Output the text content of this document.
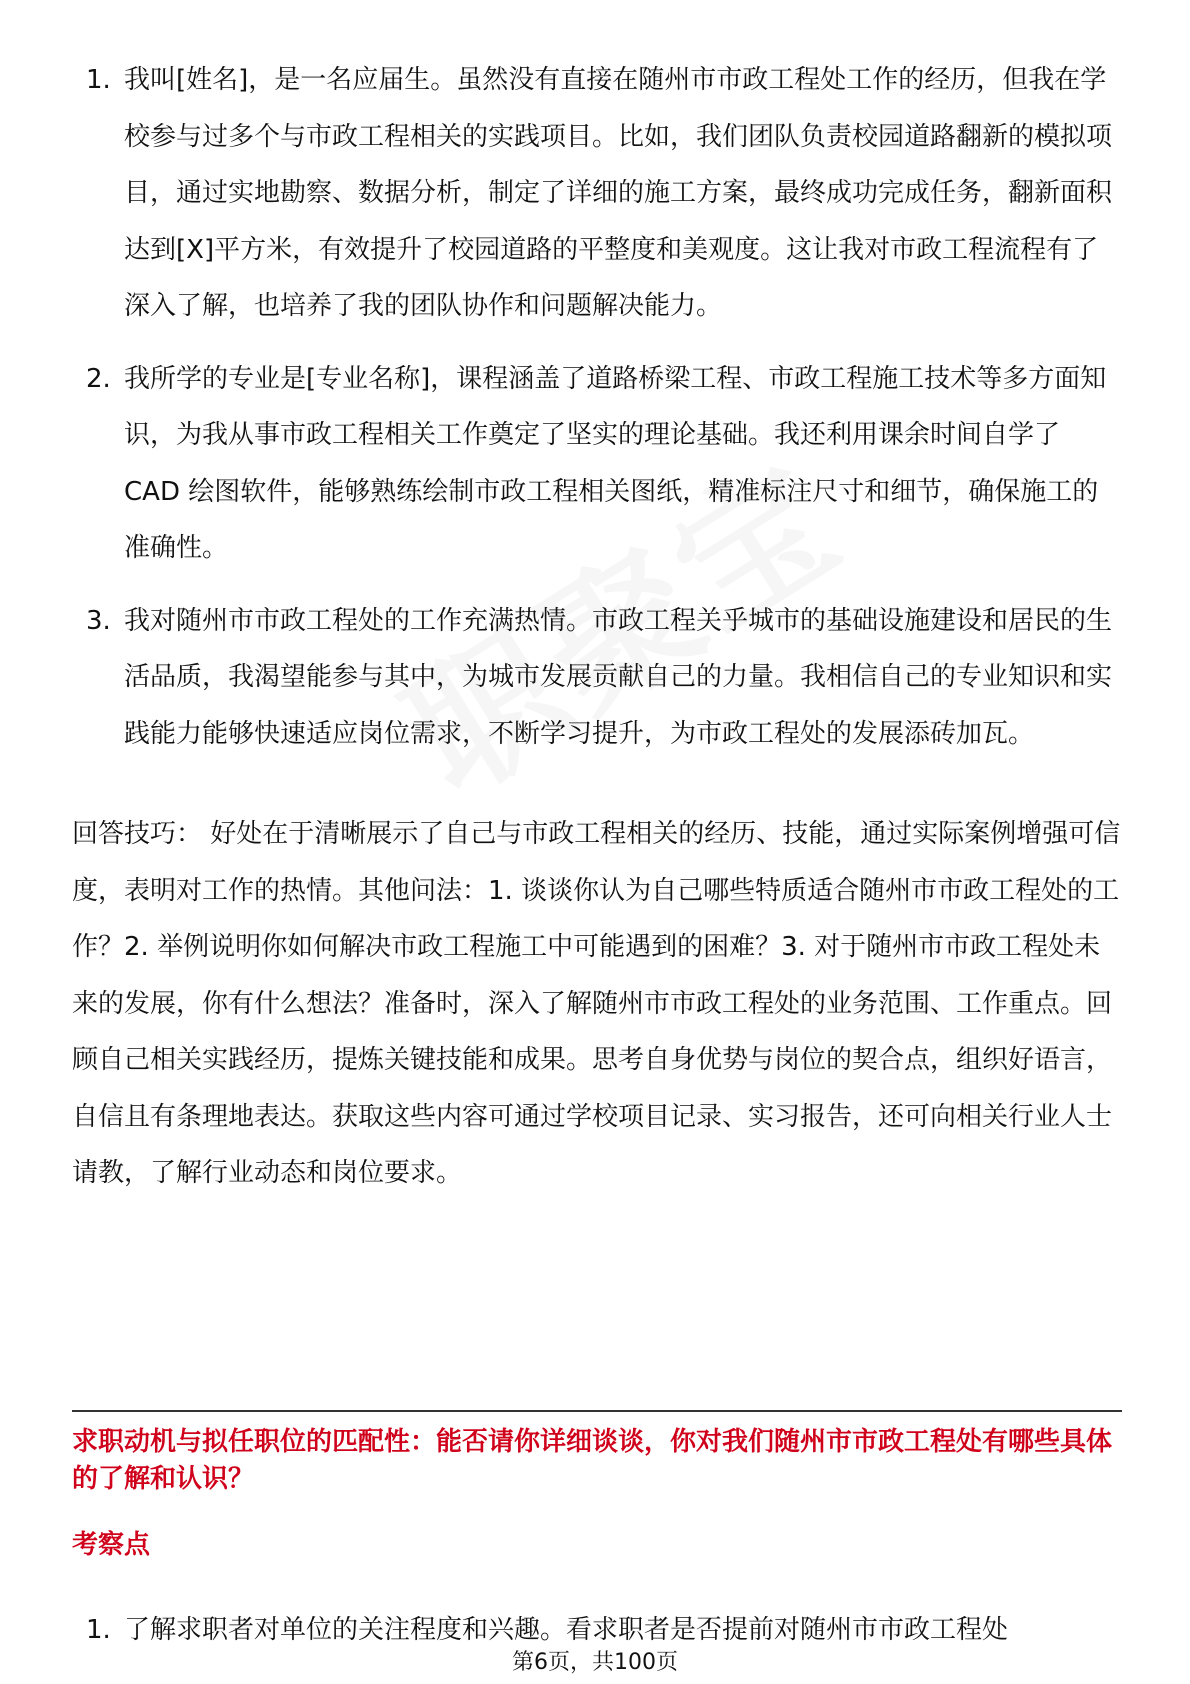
1. 我叫[姓名]，是一名应届生。虽然没有直接在随州市市政工程处工作的经历，但我在学校参与过多个与市政工程相关的实践项目。比如，我们团队负责校园道路翻新的模拟项目，通过实地勘察、数据分析，制定了详细的施工方案，最终成功完成任务，翻新面积达到[X]平方米，有效提升了校园道路的平整度和美观度。这让我对市政工程流程有了深入了解，也培养了我的团队协作和问题解决能力。
2. 我所学的专业是[专业名称]，课程涵盖了道路桥梁工程、市政工程施工技术等多方面知识，为我从事市政工程相关工作奠定了坚实的理论基础。我还利用课余时间自学了 CAD 绘图软件，能够熟练绘制市政工程相关图纸，精准标注尺寸和细节，确保施工的准确性。
3. 我对随州市市政工程处的工作充满热情。市政工程关乎城市的基础设施建设和居民的生活品质，我渴望能参与其中，为城市发展贡献自己的力量。我相信自己的专业知识和实践能力能够快速适应岗位需求，不断学习提升，为市政工程处的发展添砖加瓦。
回答技巧： 好处在于清晰展示了自己与市政工程相关的经历、技能，通过实际案例增强可信度，表明对工作的热情。其他问法：1. 谈谈你认为自己哪些特质适合随州市市政工程处的工作？2. 举例说明你如何解决市政工程施工中可能遇到的困难？3. 对于随州市市政工程处未来的发展，你有什么想法？准备时，深入了解随州市市政工程处的业务范围、工作重点。回顾自己相关实践经历，提炼关键技能和成果。思考自身优势与岗位的契合点，组织好语言，自信且有条理地表达。获取这些内容可通过学校项目记录、实习报告，还可向相关行业人士请教，了解行业动态和岗位要求。
求职动机与拟任职位的匹配性：能否请你详细谈谈，你对我们随州市市政工程处有哪些具体的了解和认识？
考察点
1. 了解求职者对单位的关注程度和兴趣。看求职者是否提前对随州市市政工程处
第6页，共100页
